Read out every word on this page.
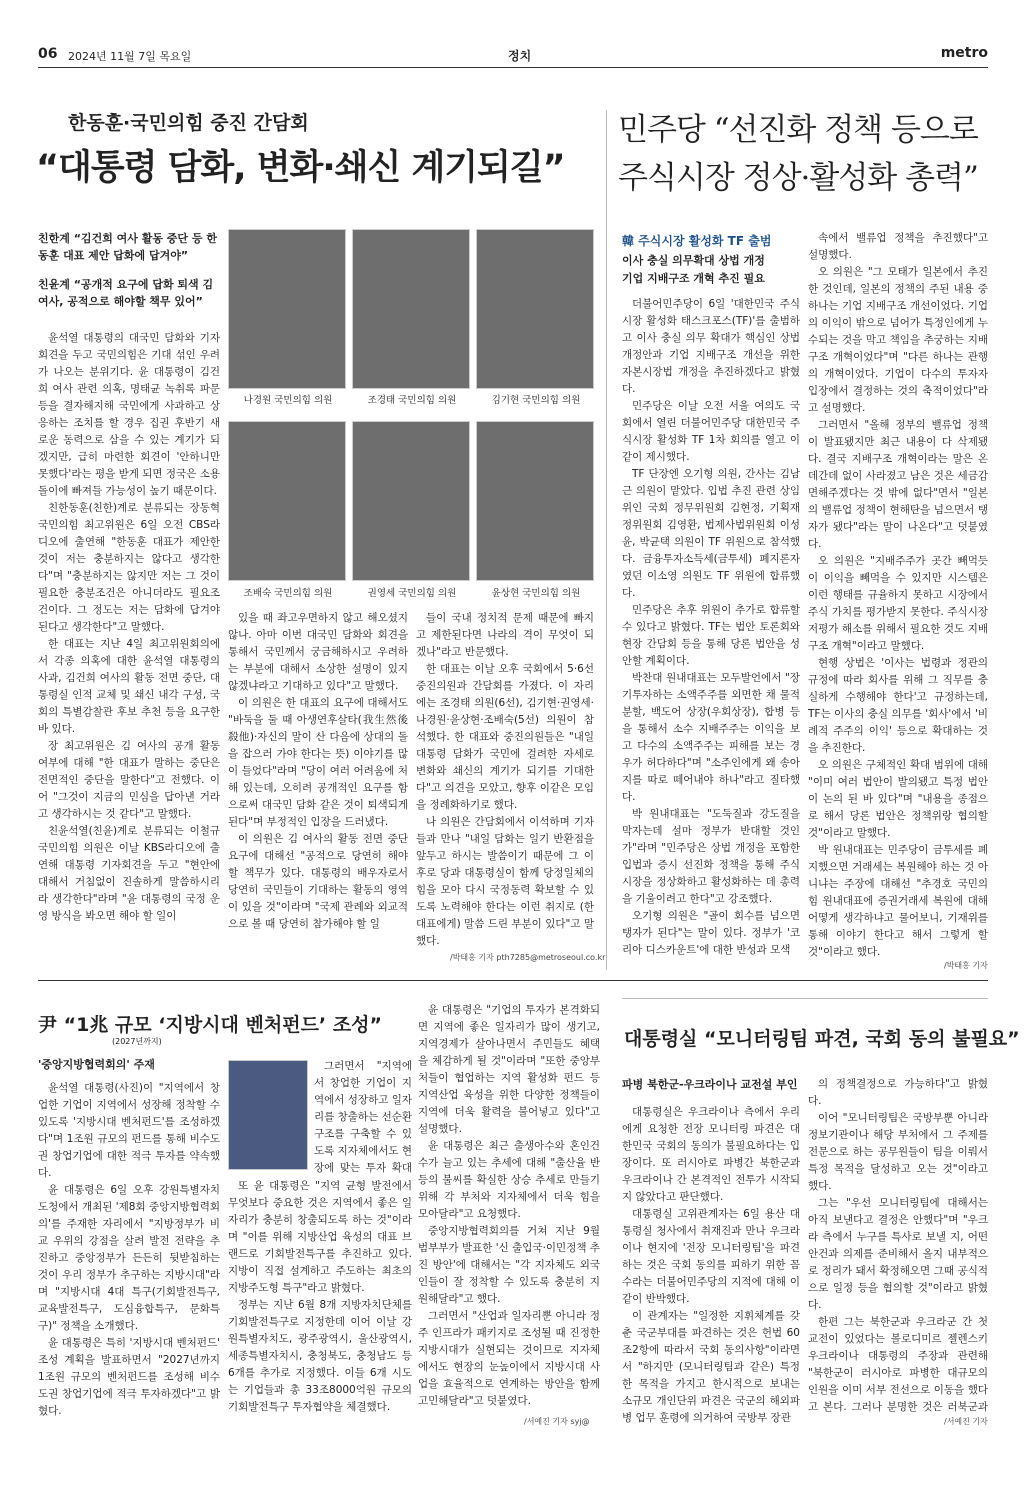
06 2024년 11월 7일 목요일	정치	metro
한동훈·국민의힘 중진 간담회
“대통령 담화, 변화·쇄신 계기되길”
민주당 “선진화 정책 등으로
주식시장 정상·활성화 총력”
친한계 “김건희 여사 활동 중단 등 한동훈 대표 제안 답화에 답겨야”
친윤계 “공개적 요구에 답화 퇴색 김 여사, 공적으로 해야할 책무 있어”
나경원 국민의힘 의원	조경태 국민의힘 의원	김기현 국민의힘 의원
조배숙 국민의힘 의원	권영세 국민의힘 의원	윤상현 국민의힘 의원

윤석열 대통령의 대국민 담화와 기자회견을 두고 국민의힘은 기대 섞인 우려가 나오는 분위기다. 윤 대통령이 김건희 여사 관련 의혹, 명태균 녹취록 파문 등을 결자해지해 국민에게 사과하고 상응하는 조치를 할 경우 집권 후반기 새로운 동력으로 삼을 수 있는 계기가 되겠지만, 급히 마련한 회견이 '안하니만 못했다'라는 평을 받게 되면 정국은 소용돌이에 빠져들 가능성이 높기 때문이다.

친한동훈(친한)계로 분류되는 장동혁 국민의힘 최고위원은 6일 오전 CBS라디오에 출연해 "한동훈 대표가 제안한 것이 저는 충분하지는 않다고 생각한다"며 "충분하지는 않지만 저는 그 것이 필요한 충분조건은 아니더라도 필요조건이다. 그 정도는 저는 담화에 답겨야 된다고 생각한다"고 말했다.

한 대표는 지난 4일 최고위원회의에서 각종 의혹에 대한 윤석열 대통령의 사과, 김건희 여사의 활동 전면 중단, 대통령실 인적 교체 및 쇄신 내각 구성, 국회의 특별감찰관 후보 추천 등을 요구한 바 있다.

장 최고위원은 김 여사의 공개 활동 여부에 대해 "한 대표가 말하는 중단은 전면적인 중단을 말한다"고 전했다. 이어 "그것이 지금의 민심을 답아낸 거라고 생각하시는 것 같다"고 말했다.

친윤석열(친윤)계로 분류되는 이철규 국민의힘 의원은 이날 KBS라디오에 출연해 대통령 기자회견을 두고 "현안에 대해서 거침없이 진솔하게 말씀하시리라 생각한다"라며 "윤 대통령의 국정 운영 방식을 봐오면 해야 할 일이

있을 때 좌고우면하지 않고 해오셨지 않나. 아마 이번 대국민 담화와 회견을 통해서 국민께서 궁금해하시고 우려하는 부분에 대해서 소상한 설명이 있지 않겠냐라고 기대하고 있다"고 말했다.

이 의원은 한 대표의 요구에 대해서도 "바둑을 둘 때 아생연후살타(我生然後殺他)·자신의 말이 산 다음에 상대의 돌을 잡으러 가야 한다는 뜻) 이야기를 많이 들었다"라며 "당이 여러 어려움에 처해 있는데, 오히려 공개적인 요구를 함으로써 대국민 담화 같은 것이 퇴색되게 된다"며 부정적인 입장을 드러냈다.

이 의원은 김 여사의 활동 전면 중단 요구에 대해선 "공적으로 당연히 해야 할 책무가 있다. 대통령의 배우자로서 당연히 국민들이 기대하는 활동의 영역이 있을 것"이라며 "국제 관례와 외교적으로 볼 때 당연히 참가해야 할 일

들이 국내 정치적 문제 때문에 빠지고 제한된다면 나라의 격이 무엇이 되겠나"라고 반문했다.

한 대표는 이날 오후 국회에서 5·6선 중진의원과 간담회를 가졌다. 이 자리에는 조경태 의원(6선), 김기현·권영세·나경원·윤상현·조배숙(5선) 의원이 참석했다. 한 대표와 중진의원들은 "내일 대통령 담화가 국민에 걸려한 자세로 변화와 쇄신의 계기가 되기를 기대한다"고 의견을 모았고, 향후 이같은 모임을 정례화하기로 했다.

나 의원은 간담회에서 이석하며 기자들과 만나 "내일 담화는 일기 반환점을 앞두고 하시는 발씀이기 때문에 그 이후로 당과 대통령실이 함께 당정일체의 힘을 모아 다시 국정동력 확보할 수 있도록 노력해야 한다는 이런 취지로 (한 대표에게) 말씀 드린 부분이 있다"고 말했다.

/박태홍 기자 pth7285@metroseoul.co.kr
韓 주식시장 활성화 TF 출범
이사 충실 의무확대 상법 개정
기업 지배구조 개혁 추진 필요

더불어민주당이 6일 '대한민국 주식시장 활성화 태스크포스(TF)'를 출범하고 이사 충실 의무 확대가 핵심인 상법 개정안과 기업 지배구조 개선을 위한 자본시장법 개정을 추진하겠다고 밝혔다.

민주당은 이날 오전 서울 여의도 국회에서 열린 더불어민주당 대한민국 주식시장 활성화 TF 1차 회의를 열고 이같이 제시했다.

TF 단장엔 오기형 의원, 간사는 김남근 의원이 맡았다. 입법 추진 관련 상임위인 국회 정무위원회 김현정, 기획재정위원회 김영환, 법제사법위원회 이성윤, 박균택 의원이 TF 위원으로 참석했다. 금융투자소득세(금투세) 폐지론자였던 이소영 의원도 TF 위원에 합류했다.

민주당은 추후 위원이 추가로 합류할 수 있다고 밝혔다. TF는 법안 토론회와 현장 간담회 등을 통해 당론 법안을 성안할 계획이다.

박찬대 원내대표는 모두발언에서 "장기투자하는 소액주주를 외면한 채 물적분할, 백도어 상장(우회상장), 합병 등을 통해서 소수 지배주주는 이익을 보고 다수의 소액주주는 피해를 보는 경우가 허다하다"며 "소주인에게 왜 송아지를 따로 떼어내야 하나"라고 질타했다.

박 원내대표는 "도둑질과 강도질을 막자는데 설마 정부가 반대할 것인가"라며 "민주당은 상법 개정을 포함한 입법과 증시 선진화 정책을 통해 주식시장을 정상화하고 활성화하는 데 총력을 기울이려고 한다"고 강조했다.

오기형 의원은 "골이 회수를 넘으면 탱자가 된다"는 말이 있다. 정부가 '코리아 디스카운트'에 대한 반성과 모색

속에서 밸류업 정책을 추진했다"고 설명했다.

오 의원은 "그 모태가 일본에서 추진한 것인데, 일본의 정책의 주된 내용 중 하나는 기업 지배구조 개선이었다. 기업의 이익이 밖으로 넘어가 특정인에게 누수되는 것을 막고 책임을 추궁하는 지배구조 개혁이었다"며 "다른 하나는 관행의 개혁이었다. 기업이 다수의 투자자 입장에서 결정하는 것의 축적이었다"라고 설명했다.

그러면서 "올해 정부의 밸류업 정책이 발표됐지만 최근 내용이 다 삭제됐다. 결국 지배구조 개혁이라는 말은 온데간데 없이 사라졌고 남은 것은 세금감면해주겠다는 것 밖에 없다"면서 "일본의 밸류업 정책이 현해탄을 넘으면서 탱자가 됐다"라는 말이 나온다"고 덧붙였다.

오 의원은 "지배주주가 곳간 빼먹듯이 이익을 빼먹을 수 있지만 시스템은 이런 행태를 규율하지 못하고 시장에서 주식 가치를 평가받지 못한다. 주식시장 저평가 해소를 위해서 필요한 것도 지배구조 개혁"이라고 말했다.

현행 상법은 '이사는 법령과 정관의 규정에 따라 회사를 위해 그 직무를 충실하게 수행해야 한다'고 규정하는데, TF는 이사의 충실 의무를 '회사'에서 '비례적 주주의 이익' 등으로 확대하는 것을 추진한다.

오 의원은 구체적인 확대 범위에 대해 "이미 여러 법안이 발의됐고 특정 법안이 논의 된 바 있다"며 "내용을 종점으로 해서 당론 법안은 정책위랑 협의할 것"이라고 말했다.

박 원내대표는 민주당이 금투세를 폐지했으면 거래세는 복원해야 하는 것 아니냐는 주장에 대해선 "추경호 국민의힘 원내대표에 증권거래세 복원에 대해 어떻게 생각하냐고 물어보니, 기재위를 통해 이야기 한다고 해서 그렇게 할 것"이라고 했다.

/박태홍 기자
尹 “1兆 규모 ‘지방시대 벤처펀드’ 조성”
(2027년까지)
'중앙지방협력회의' 주재

윤석열 대통령(사진)이 "지역에서 창업한 기업이 지역에서 성장해 정착할 수 있도록 '지방시대 벤처펀드'를 조성하겠다"며 1조원 규모의 펀드를 통해 비수도권 창업기업에 대한 적극 투자를 약속했다.

윤 대통령은 6일 오후 강원특별자치도청에서 개최된 '제8회 중앙지방협력회의'를 주재한 자리에서 "지방정부가 비교 우위의 강점을 살려 발전 전략을 추진하고 중앙정부가 든든히 뒷받침하는 것이 우리 정부가 추구하는 지방시대"라며 "지방시대 4대 특구(기회발전특구, 교육발전특구, 도심융합특구, 문화특구)" 정책을 소개했다.

윤 대통령은 특히 '지방시대 벤처펀드' 조성 계획을 발표하면서 "2027년까지 1조원 규모의 벤처펀드를 조성해 비수도권 창업기업에 적극 투자하겠다"고 밝혔다.

그러면서 "지역에서 창업한 기업이 지역에서 성장하고 일자리를 창출하는 선순환 구조를 구축할 수 있도록 지자체에서도 현장에 맞는 투자 확대

또 윤 대통령은 "지역 균형 발전에서 무엇보다 중요한 것은 지역에서 좋은 일자리가 충분히 창출되도록 하는 것"이라며 "이를 위해 지방산업 육성의 대표 브랜드로 기회발전특구를 추진하고 있다. 지방이 직접 설계하고 주도하는 최초의 지방주도형 특구"라고 밝혔다.

정부는 지난 6월 8개 지방자치단체를 기회발전특구로 지정한데 이어 이날 강원특별자치도, 광주광역시, 울산광역시, 세종특별자치시, 충청북도, 충청남도 등 6개를 추가로 지정했다. 이들 6개 시도는 기업들과 총 33조8000억원 규모의 기회발전특구 투자협약을 체결했다.

윤 대통령은 "기업의 투자가 본격화되면 지역에 좋은 일자리가 많이 생기고, 지역경제가 살아나면서 주민들도 혜택을 체감하게 될 것"이라며 "또한 중앙부처들이 협업하는 지역 활성화 펀드 등 지역산업 육성을 위한 다양한 정책들이 지역에 더욱 활력을 불어넣고 있다"고 설명했다.

윤 대통령은 최근 출생아수와 혼인건수가 늘고 있는 추세에 대해 "출산율 반등의 불씨를 확실한 상승 추세로 만들기 위해 각 부처와 지자체에서 더욱 힘을 모아달라"고 요청했다.

중앙지방협력회의를 거쳐 지난 9월 범부부가 발표한 '신 출입국·이민정책 추진 방안'에 대해서는 "각 지자체도 외국인들이 잘 정착할 수 있도록 충분히 지원해달라"고 했다.

그러면서 "산업과 일자리뿐 아니라 정주 인프라가 패키지로 조성될 때 진정한 지방시대가 실현되는 것이므로 지자체에서도 현장의 눈높이에서 지방시대 사업을 효율적으로 연계하는 방안을 함께 고민해달라"고 덧붙였다.

/서예진 기자 syj@
대통령실 “모니터링팀 파견, 국회 동의 불필요”
파병 북한군-우크라이나 교전설 부인

대통령실은 우크라이나 측에서 우리에게 요청한 전장 모니터링 파견은 대한민국 국회의 동의가 불필요하다는 입장이다. 또 러시아로 파병간 북한군과 우크라이나 간 본격적인 전투가 시작되지 않았다고 판단했다.

대통령실 고위관계자는 6일 용산 대통령실 청사에서 취재진과 만나 우크라이나 현지에 '전장 모니터링팀'을 파견하는 것은 국회 동의를 피하기 위한 꼼수라는 더불어민주당의 지적에 대해 이같이 반박했다.

이 관계자는 "일정한 지휘체계를 갖춘 국군부대를 파견하는 것은 헌법 60조2항에 따라서 국회 동의사항"이라면서 "하지만 (모니터링팀과 같은) 특정한 목적을 가지고 한시적으로 보내는 소규모 개인단위 파견은 국군의 해외파병 업무 훈령에 의거하여 국방부 장관

의 정책결정으로 가능하다"고 밝혔다.

이어 "모니터링팀은 국방부뿐 아니라 정보기관이나 해당 부처에서 그 주제를 전문으로 하는 공무원들이 팀을 이뤄서 특정 목적을 달성하고 오는 것"이라고 했다.

그는 "우선 모니터링팀에 대해서는 아직 보낸다고 결정은 안했다"며 "우크라 측에서 누구를 특사로 보낼 지, 어떤 안건과 의제를 준비해서 올지 내부적으로 정리가 돼서 확정해오면 그때 공식적으로 일정 등을 협의할 것"이라고 밝혔다.

한편 그는 북한군과 우크라군 간 첫 교전이 있었다는 볼로디미르 젤렌스키 우크라이나 대통령의 주장과 관련해 "북한군이 러시아로 파병한 대규모의 인원을 이미 서부 전선으로 이동을 했다고 본다. 그러나 분명한 것은 러북군과

/서예진 기자
